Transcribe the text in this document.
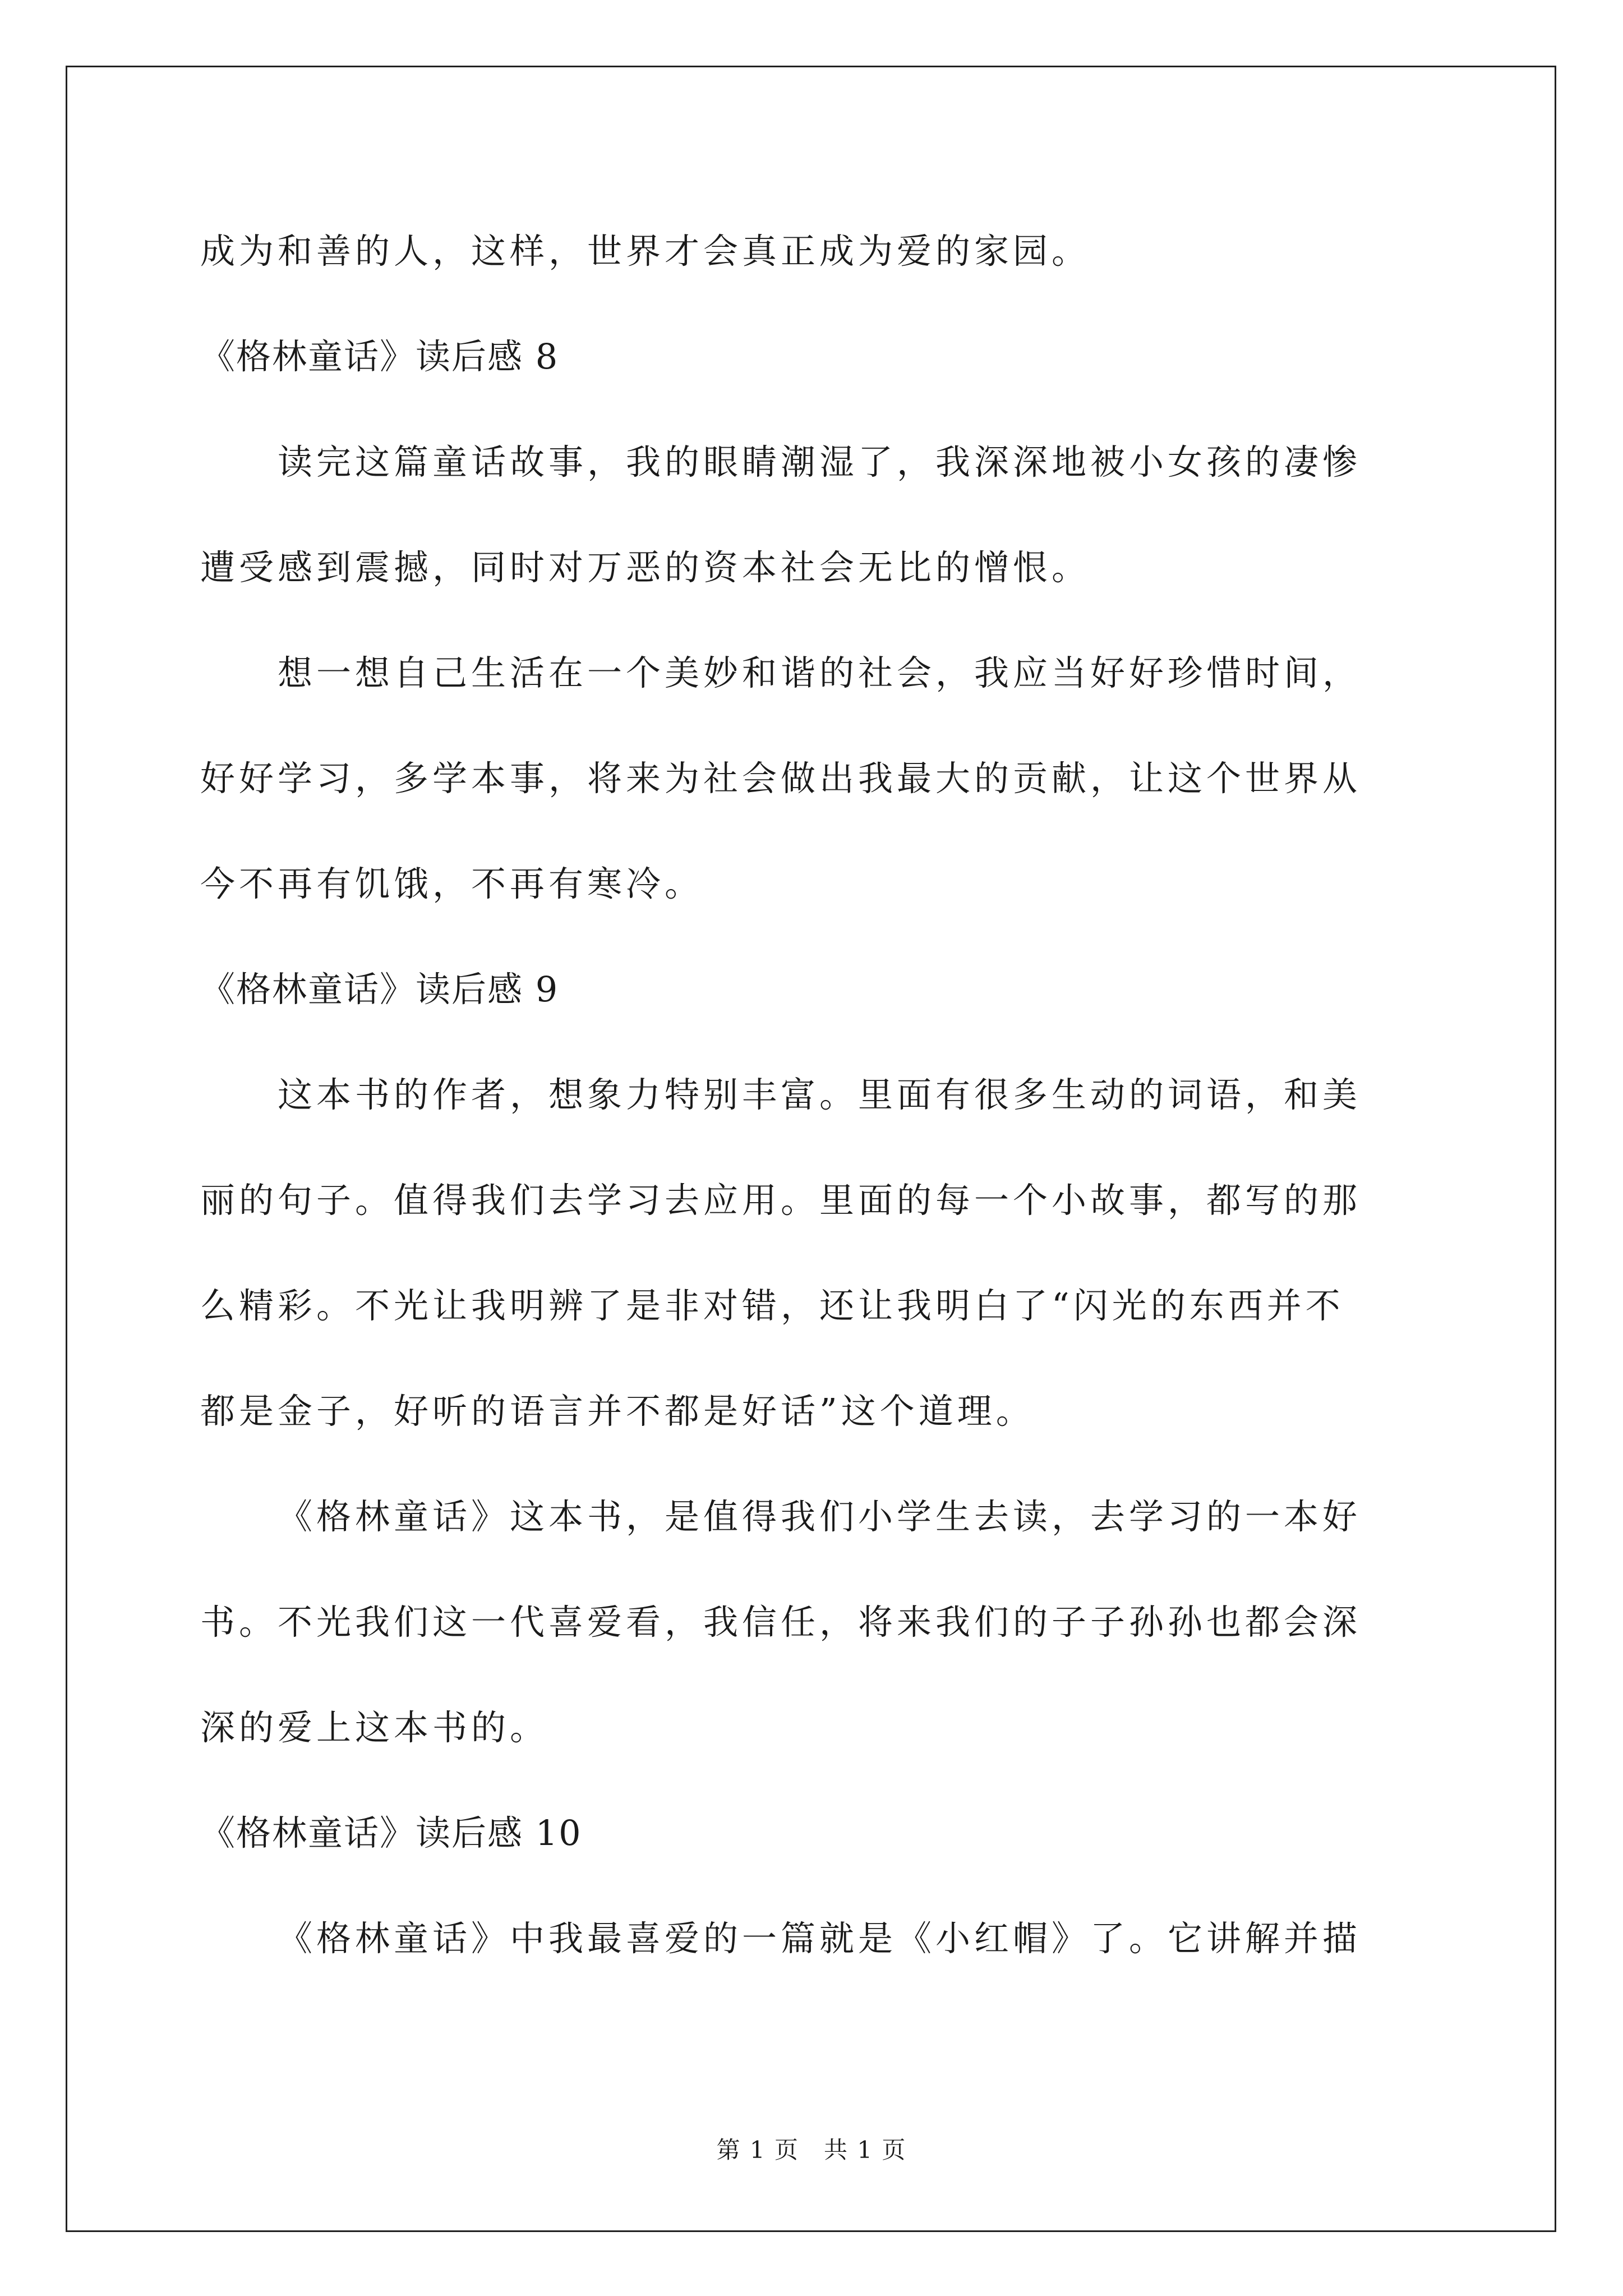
成为和善的人，这样，世界才会真正成为爱的家园。
《格林童话》读后感 8
读完这篇童话故事，我的眼睛潮湿了，我深深地被小女孩的凄惨
遭受感到震撼，同时对万恶的资本社会无比的憎恨。
想一想自己生活在一个美妙和谐的社会，我应当好好珍惜时间，
好好学习，多学本事，将来为社会做出我最大的贡献，让这个世界从
今不再有饥饿，不再有寒冷。
《格林童话》读后感 9
这本书的作者，想象力特别丰富。里面有很多生动的词语，和美
丽的句子。值得我们去学习去应用。里面的每一个小故事，都写的那
么精彩。不光让我明辨了是非对错，还让我明白了“闪光的东西并不
都是金子，好听的语言并不都是好话”这个道理。
《格林童话》这本书，是值得我们小学生去读，去学习的一本好
书。不光我们这一代喜爱看，我信任，将来我们的子子孙孙也都会深
深的爱上这本书的。
《格林童话》读后感 10
《格林童话》中我最喜爱的一篇就是《小红帽》了。它讲解并描
第 1 页　共 1 页
